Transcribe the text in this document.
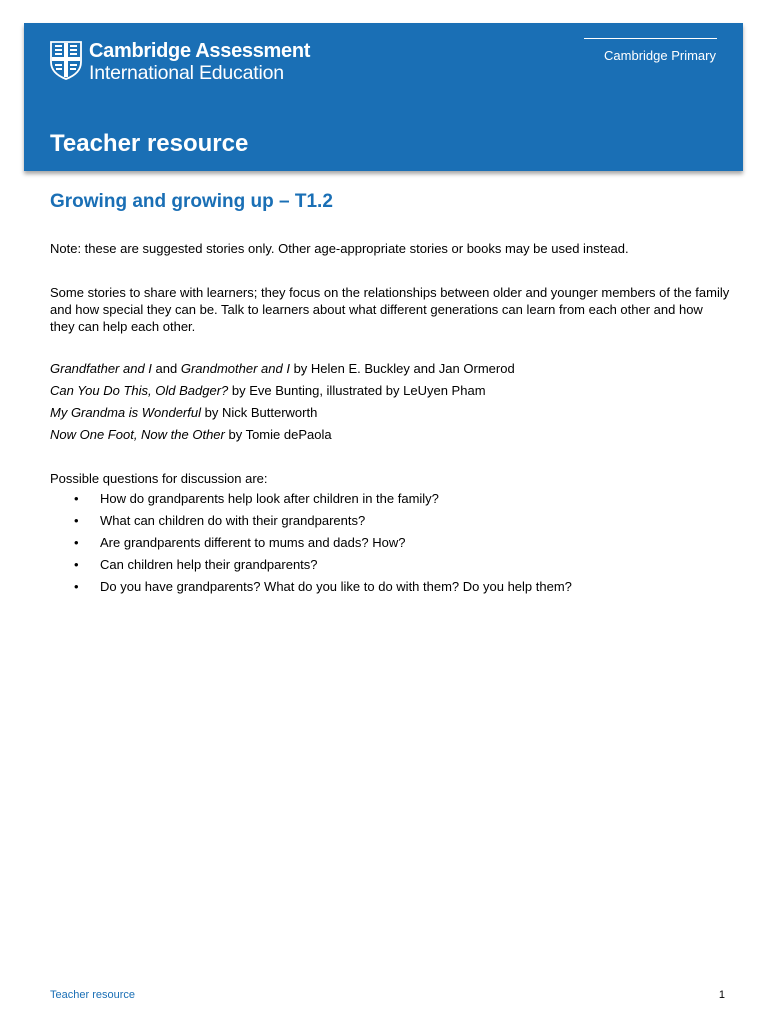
Cambridge Assessment
International Education
Cambridge Primary
Teacher resource
Growing and growing up – T1.2

Note: these are suggested stories only. Other age-appropriate stories or books may be used instead.

Some stories to share with learners; they focus on the relationships between older and younger members of the family and how special they can be. Talk to learners about what different generations can learn from each other and how they can help each other.

Grandfather and I and Grandmother and I by Helen E. Buckley and Jan Ormerod
Can You Do This, Old Badger? by Eve Bunting, illustrated by LeUyen Pham
My Grandma is Wonderful by Nick Butterworth
Now One Foot, Now the Other by Tomie dePaola

Possible questions for discussion are:

• How do grandparents help look after children in the family?
• What can children do with their grandparents?
• Are grandparents different to mums and dads? How?
• Can children help their grandparents?
• Do you have grandparents? What do you like to do with them? Do you help them?
Teacher resource	1
